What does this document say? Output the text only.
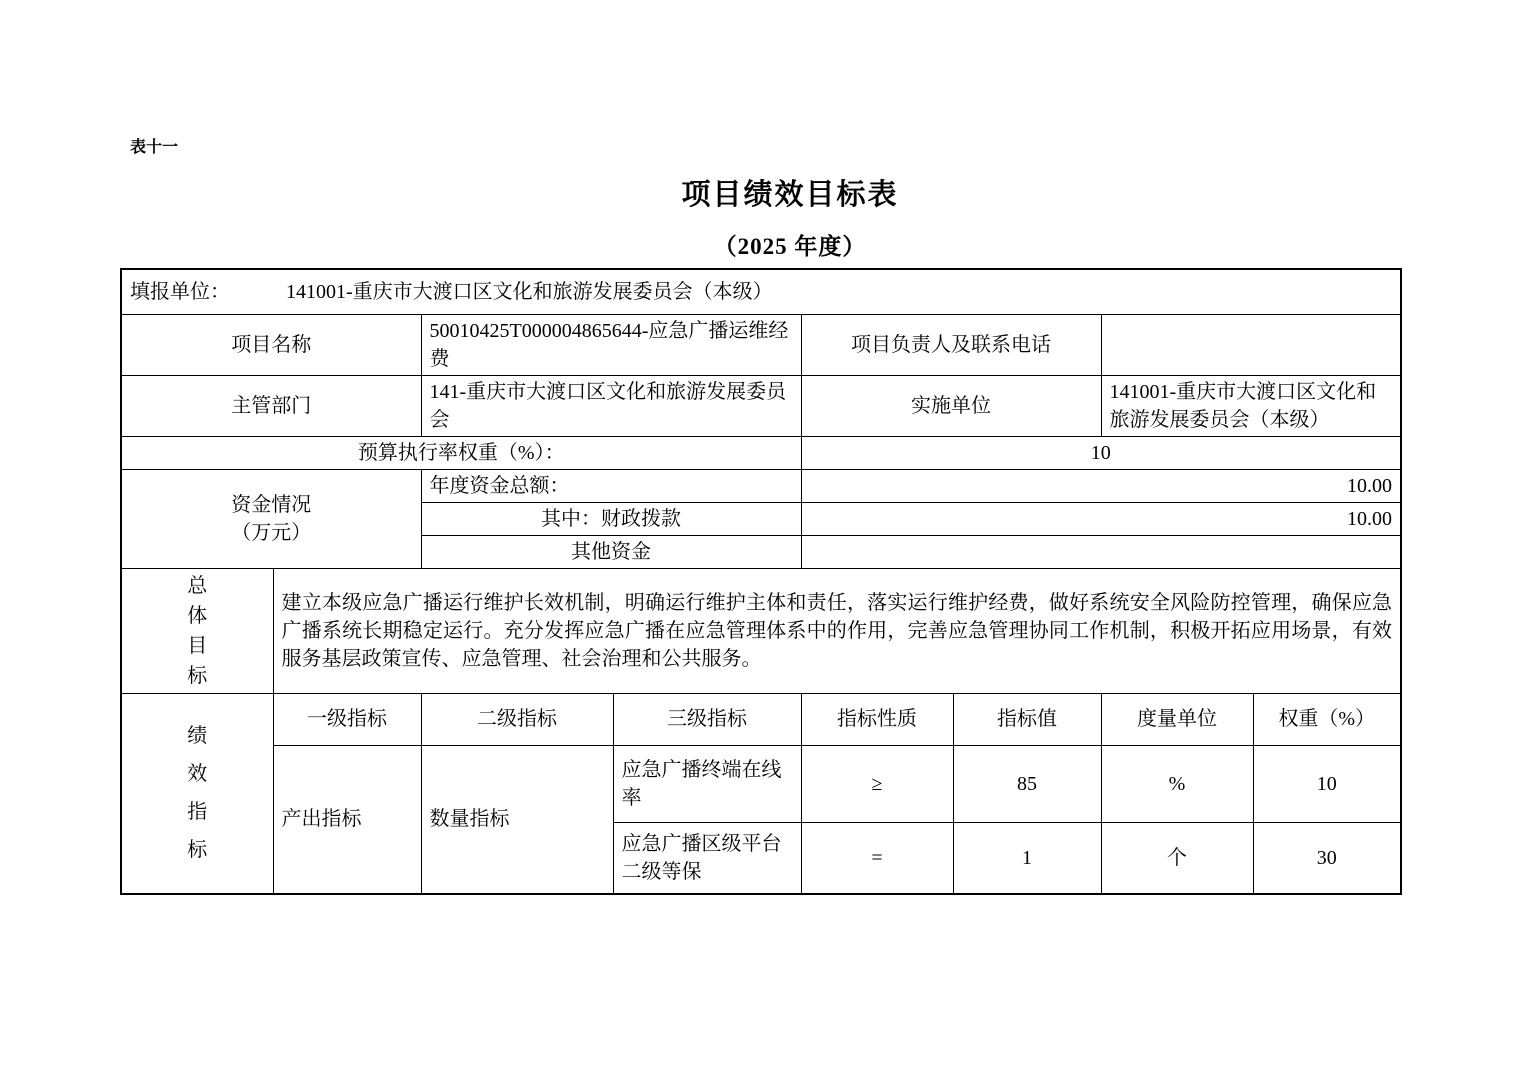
表十一
项目绩效目标表
（2025 年度）
填报单位： 141001-重庆市大渡口区文化和旅游发展委员会（本级）							
项目名称		50010425T000004865644-应急广播运维经费		项目负责人及联系电话			
主管部门		141-重庆市大渡口区文化和旅游发展委员会		实施单位		141001-重庆市大渡口区文化和旅游发展委员会（本级）	
预算执行率权重（%）：				10			

资金情况
（万元）		年度资金总额：		10.00			
		其中：财政拨款		10.00			
		其他资金					

总体目标	建立本级应急广播运行维护长效机制，明确运行维护主体和责任，落实运行维护经费，做好系统安全风险防控管理，确保应急广播系统长期稳定运行。充分发挥应急广播在应急管理体系中的作用，完善应急管理协同工作机制，积极开拓应用场景，有效服务基层政策宣传、应急管理、社会治理和公共服务。						

绩效指标	一级指标	二级指标	三级指标	指标性质	指标值	度量单位	权重（%）
	产出指标	数量指标	应急广播终端在线率	≥	85	%	10
			应急广播区级平台二级等保	=	1	个	30
